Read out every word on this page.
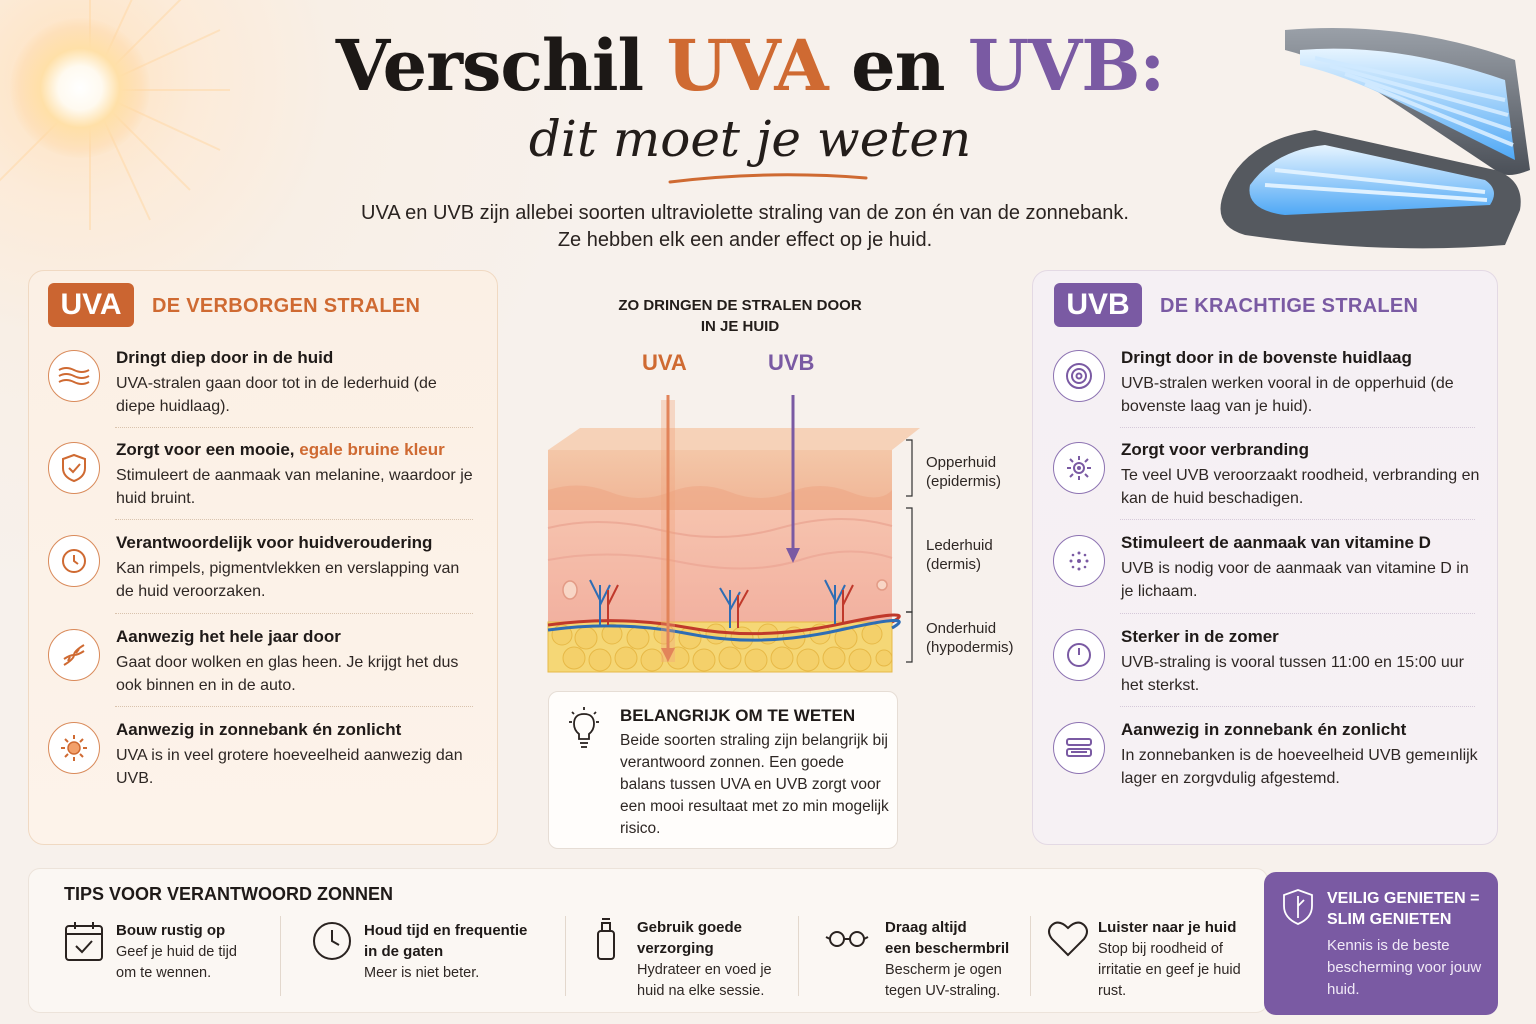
Verschil UVA en UVB:
dit moet je weten
UVA en UVB zijn allebei soorten ultraviolette straling van de zon én van de zonnebank.
Ze hebben elk een ander effect op je huid.
UVA	DE VERBORGEN STRALEN
Dringt diep door in de huid
UVA-stralen gaan door tot in de lederhuid (de diepe huidlaag).
Zorgt voor een mooie, egale bruine kleur
Stimuleert de aanmaak van melanine, waardoor je huid bruint.
Verantwoordelijk voor huidveroudering
Kan rimpels, pigmentvlekken en verslapping van de huid veroorzaken.
Aanwezig het hele jaar door
Gaat door wolken en glas heen. Je krijgt het dus ook binnen en in de auto.
Aanwezig in zonnebank én zonlicht
UVA is in veel grotere hoeveelheid aanwezig dan UVB.
UVB	DE KRACHTIGE STRALEN
Dringt door in de bovenste huidlaag
UVB-stralen werken vooral in de opperhuid (de bovenste laag van je huid).
Zorgt voor verbranding
Te veel UVB veroorzaakt roodheid, verbranding en kan de huid beschadigen.
Stimuleert de aanmaak van vitamine D
UVB is nodig voor de aanmaak van vitamine D in je lichaam.
Sterker in de zomer
UVB-straling is vooral tussen 11:00 en 15:00 uur het sterkst.
Aanwezig in zonnebank én zonlicht
In zonnebanken is de hoeveelheid UVB gemeınlijk lager en zorgvdulig afgestemd.
ZO DRINGEN DE STRALEN DOOR
IN JE HUID
UVA	UVB
Opperhuid
(epidermis)
Lederhuid
(dermis)
Onderhuid
(hypodermis)
BELANGRIJK OM TE WETEN
Beide soorten straling zijn belangrijk bij verantwoord zonnen. Een goede balans tussen UVA en UVB zorgt voor een mooi resultaat met zo min mogelijk risico.
TIPS VOOR VERANTWOORD ZONNEN
Bouw rustig op
Geef je huid de tijd
om te wennen.
Houd tijd en frequentie
in de gaten
Meer is niet beter.
Gebruik goede
verzorging
Hydrateer en voed je
huid na elke sessie.
Draag altijd
een beschermbril
Bescherm je ogen
tegen UV-straling.
Luister naar je huid
Stop bij roodheid of
irritatie en geef je huid
rust.
VEILIG GENIETEN =
SLIM GENIETEN
Kennis is de beste bescherming voor jouw huid.
